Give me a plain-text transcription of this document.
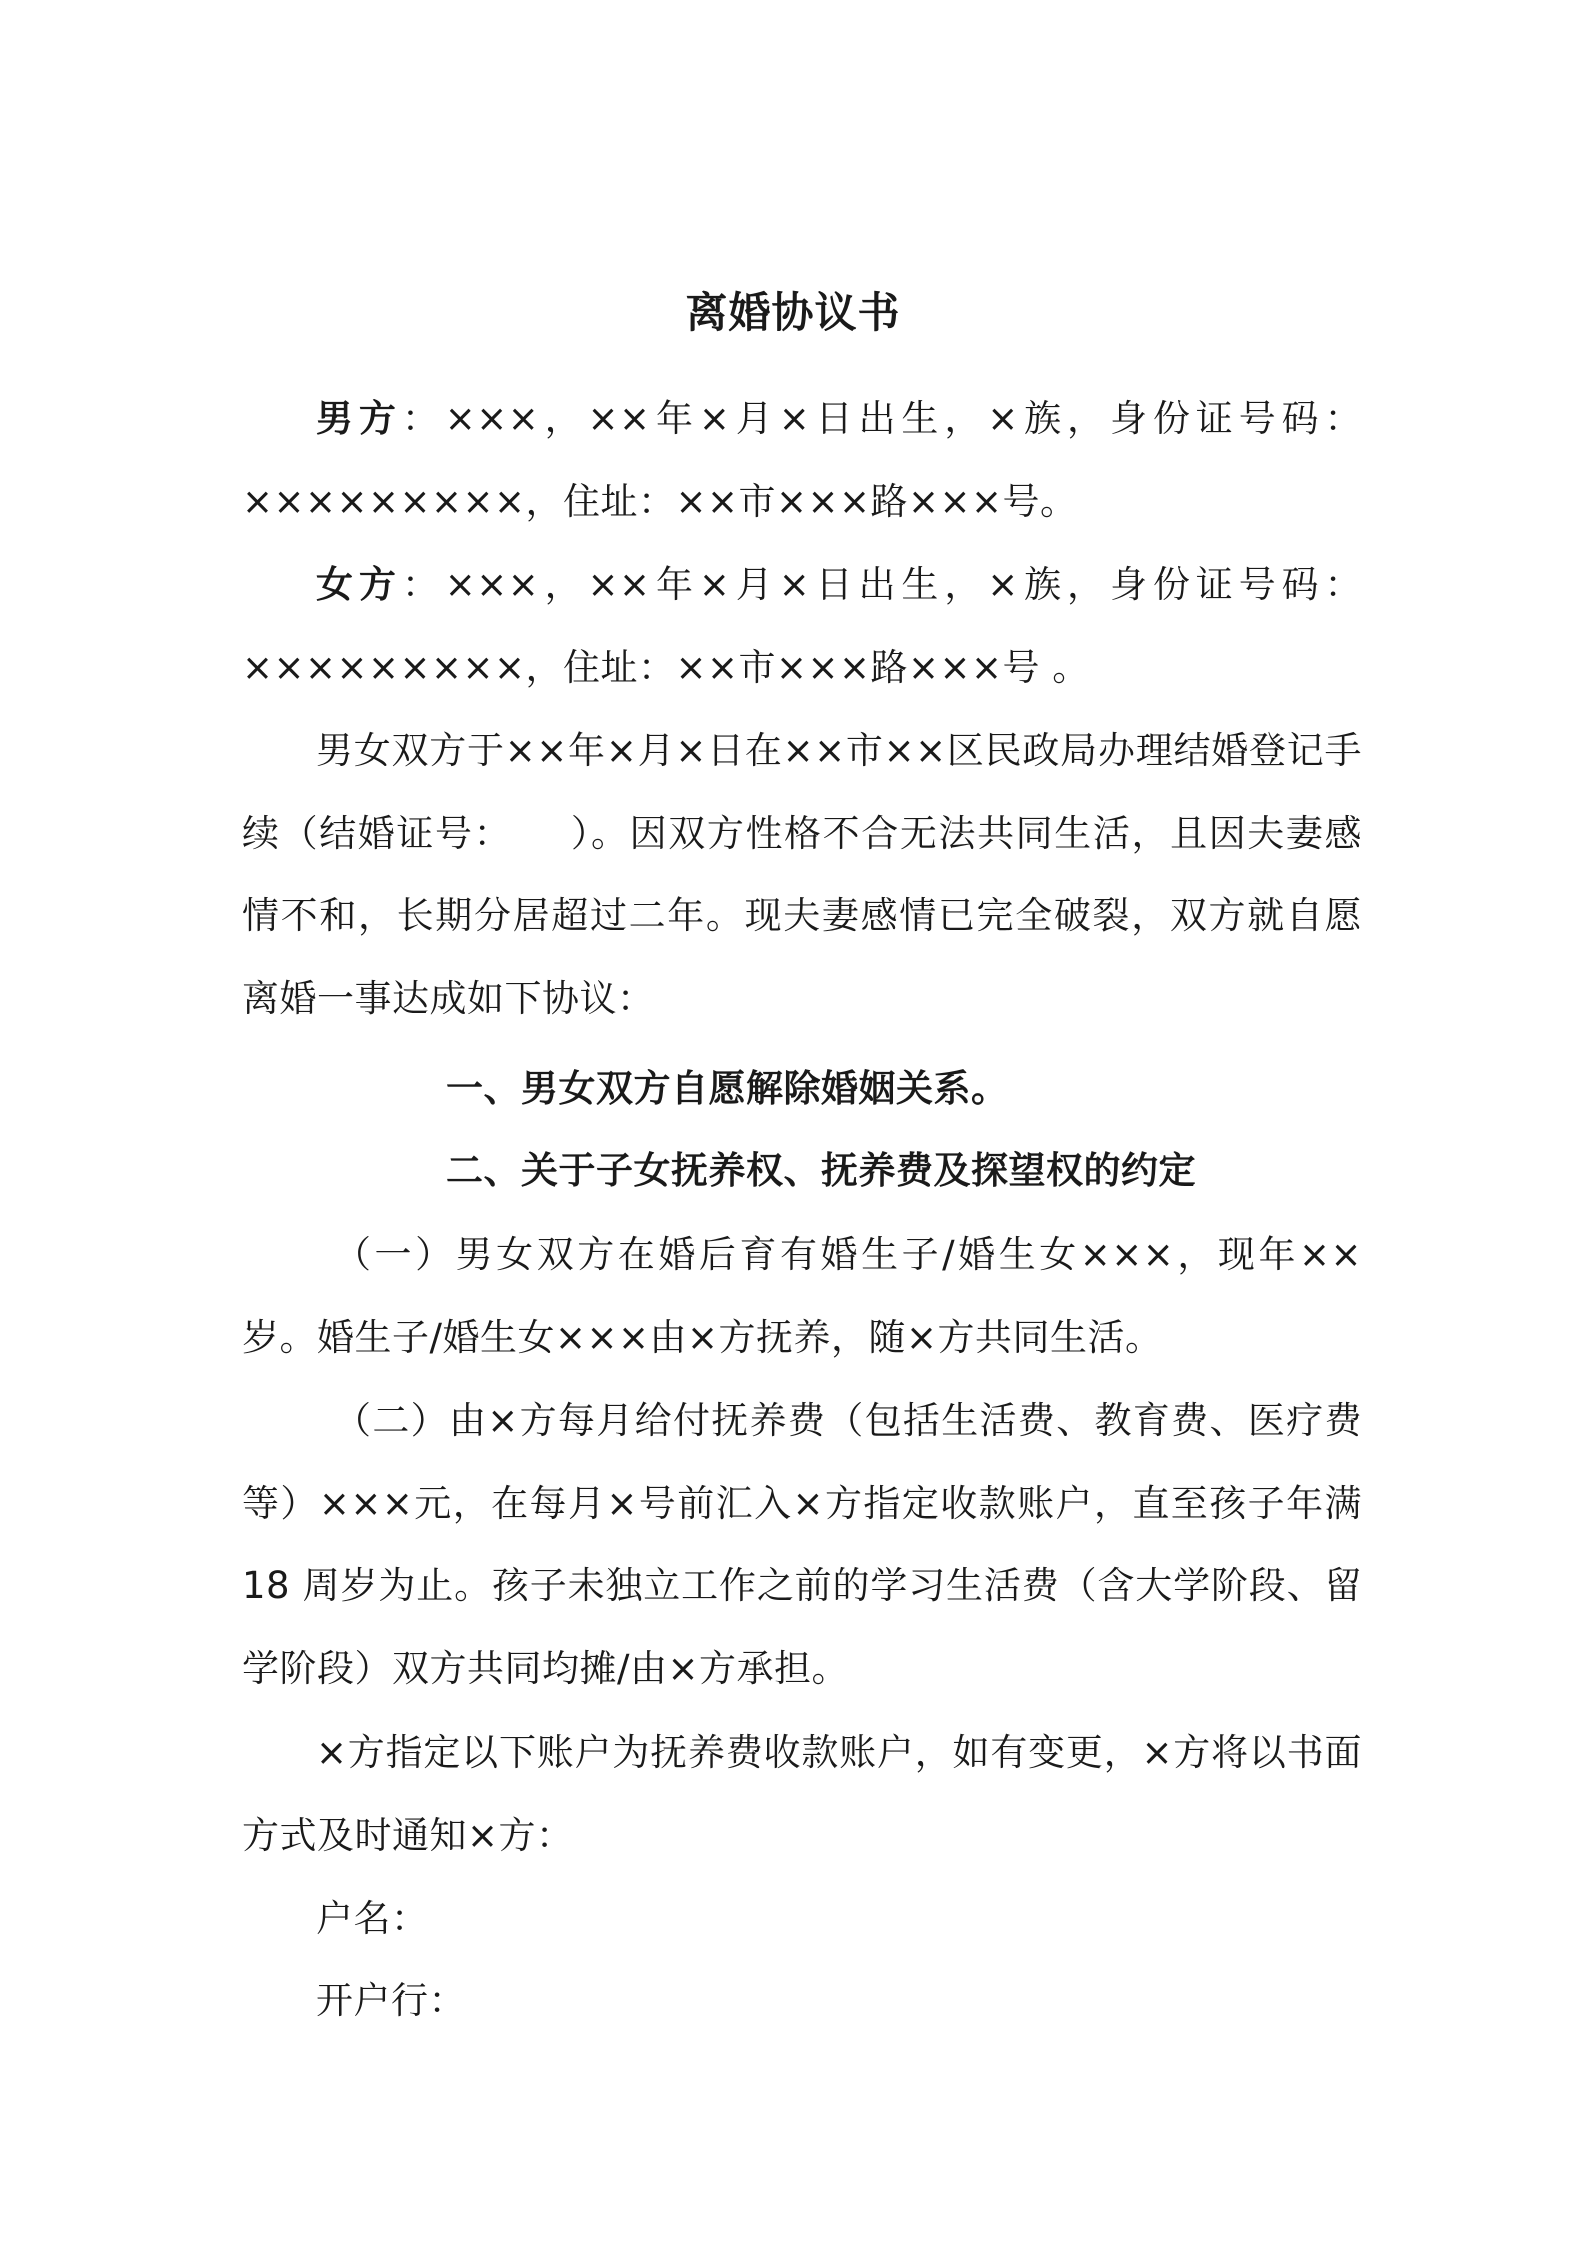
离婚协议书
男方：×××，××年×月×日出生，×族，身份证号码：×××××××××，住址：××市×××路×××号。
女方：×××，××年×月×日出生，×族，身份证号码：×××××××××，住址：××市×××路×××号 。
男女双方于××年×月×日在××市××区民政局办理结婚登记手续（结婚证号：　　）。因双方性格不合无法共同生活，且因夫妻感情不和，长期分居超过二年。现夫妻感情已完全破裂，双方就自愿离婚一事达成如下协议：
一、男女双方自愿解除婚姻关系。
二、关于子女抚养权、抚养费及探望权的约定
（一）男女双方在婚后育有婚生子/婚生女×××，现年××岁。婚生子/婚生女×××由×方抚养，随×方共同生活。
（二）由×方每月给付抚养费（包括生活费、教育费、医疗费等）×××元，在每月×号前汇入×方指定收款账户，直至孩子年满 18 周岁为止。孩子未独立工作之前的学习生活费（含大学阶段、留学阶段）双方共同均摊/由×方承担。
×方指定以下账户为抚养费收款账户，如有变更，×方将以书面方式及时通知×方：
户名：
开户行：
